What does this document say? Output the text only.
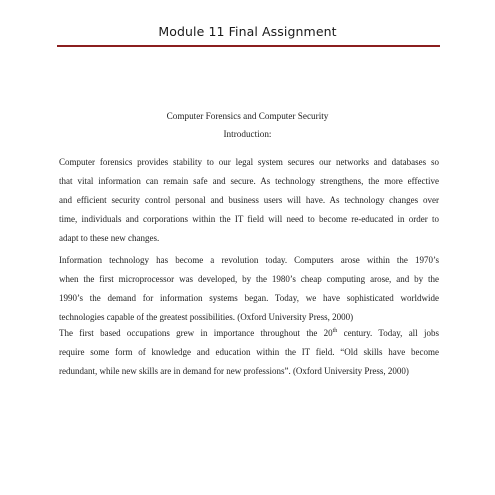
Module 11 Final Assignment
Computer Forensics and Computer Security
Introduction:
Computer forensics provides stability to our legal system secures our networks and databases so
that vital information can remain safe and secure. As technology strengthens, the more effective
and efficient security control personal and business users will have. As technology changes over
time, individuals and corporations within the IT field will need to become re-educated in order to
adapt to these new changes.
Information technology has become a revolution today. Computers arose within the 1970’s
when the first microprocessor was developed, by the 1980’s cheap computing arose, and by the
1990’s the demand for information systems began. Today, we have sophisticated worldwide
technologies capable of the greatest possibilities. (Oxford University Press, 2000)
The first based occupations grew in importance throughout the 20th century. Today, all jobs
require some form of knowledge and education within the IT field. “Old skills have become
redundant, while new skills are in demand for new professions”. (Oxford University Press, 2000)
